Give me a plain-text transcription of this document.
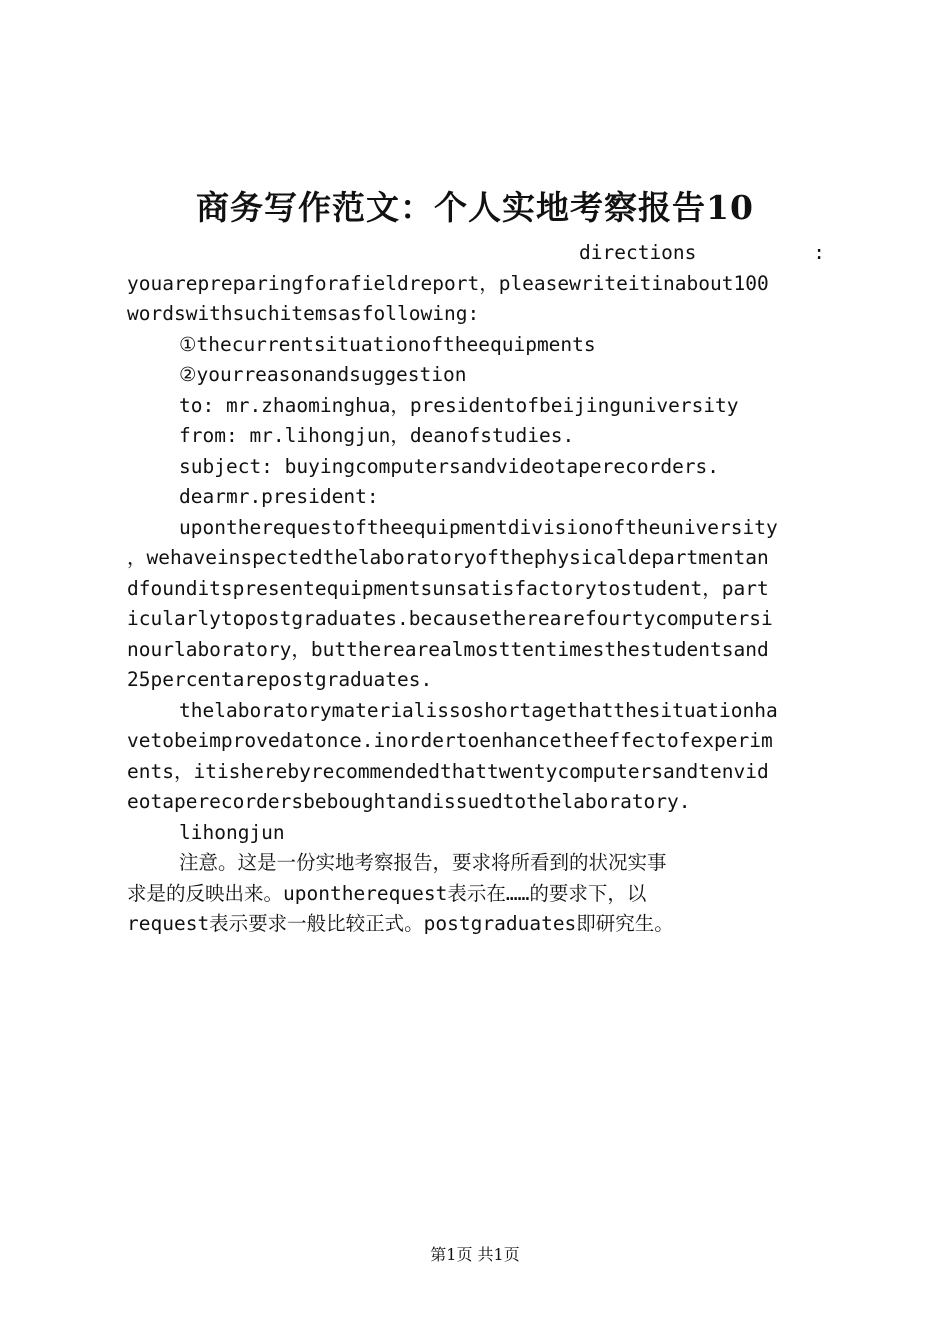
商务写作范文：个人实地考察报告10
directions	:
youarepreparingforafieldreport，pleasewriteitinabout100
wordswithsuchitemsasfollowing:
①thecurrentsituationoftheequipments
②yourreasonandsuggestion
to: mr.zhaominghua，presidentofbeijinguniversity
from: mr.lihongjun，deanofstudies.
subject: buyingcomputersandvideotaperecorders.
dearmr.president:
upontherequestoftheequipmentdivisionoftheuniversity
，wehaveinspectedthelaboratoryofthephysicaldepartmentan
dfounditspresentequipmentsunsatisfactorytostudent，part
icularlytopostgraduates.becausetherearefourtycomputersi
nourlaboratory，buttherearealmosttentimesthestudentsand
25percentarepostgraduates.
thelaboratorymaterialissoshortagethatthesituationha
vetobeimprovedatonce.inordertoenhancetheeffectofexperim
ents，itisherebyrecommendedthattwentycomputersandtenvid
eotaperecordersbeboughtandissuedtothelaboratory.
lihongjun
注意。这是一份实地考察报告，要求将所看到的状况实事
求是的反映出来。upontherequest表示在……的要求下，以
request表示要求一般比较正式。postgraduates即研究生。
第1页 共1页
